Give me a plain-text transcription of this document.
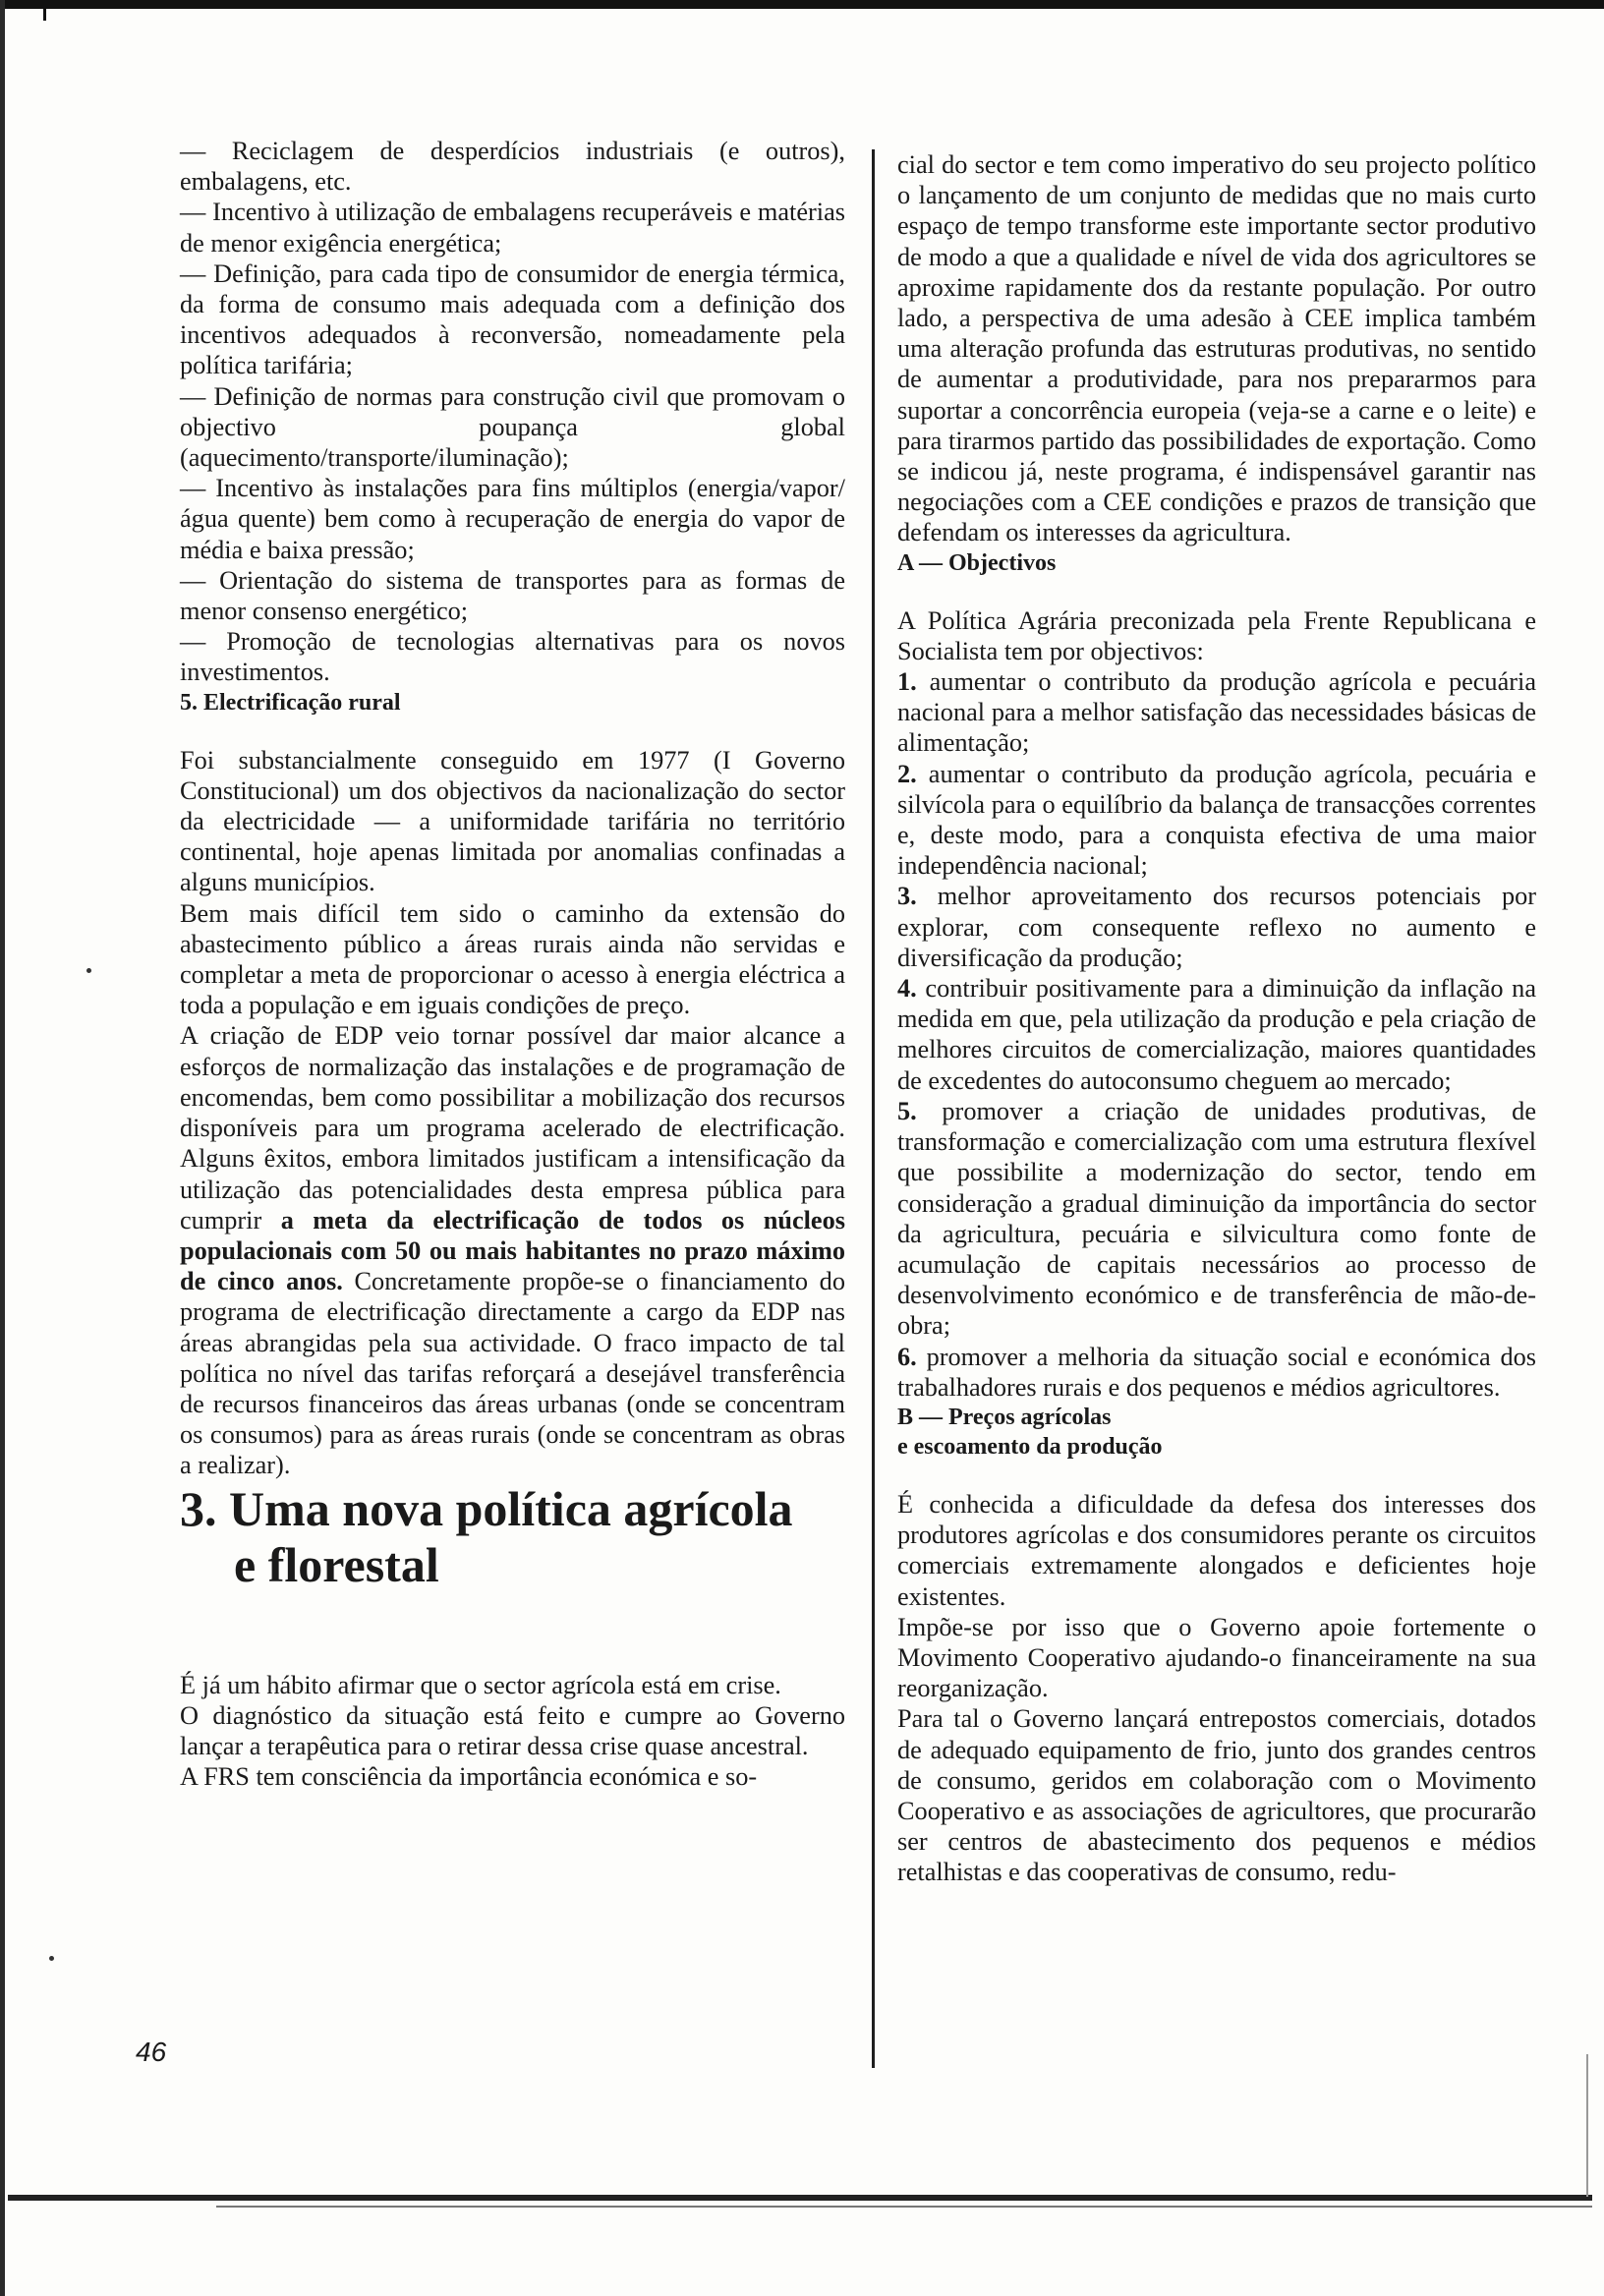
— Reciclagem de desperdícios industriais (e outros), embalagens, etc.

— Incentivo à utilização de embalagens recuperáveis e matérias de menor exigência energética;

— Definição, para cada tipo de consumidor de energia térmica, da forma de consumo mais adequada com a definição dos incentivos adequados à reconversão, nomeadamente pela política tarifária;

— Definição de normas para construção civil que promovam o objectivo poupança global (aquecimento/transporte/iluminação);

— Incentivo às instalações para fins múltiplos (energia/vapor/água quente) bem como à recuperação de energia do vapor de média e baixa pressão;

— Orientação do sistema de transportes para as formas de menor consenso energético;

— Promoção de tecnologias alternativas para os novos investimentos.

5. Electrificação rural

Foi substancialmente conseguido em 1977 (I Governo Constitucional) um dos objectivos da nacionalização do sector da electricidade — a uniformidade tarifária no território continental, hoje apenas limitada por anomalias confinadas a alguns municípios.

Bem mais difícil tem sido o caminho da extensão do abastecimento público a áreas rurais ainda não servidas e completar a meta de proporcionar o acesso à energia eléctrica a toda a população e em iguais condições de preço.

A criação de EDP veio tornar possível dar maior alcance a esforços de normalização das instalações e de programação de encomendas, bem como possibilitar a mobilização dos recursos disponíveis para um programa acelerado de electrificação. Alguns êxitos, embora limitados justificam a intensificação da utilização das potencialidades desta empresa pública para cumprir a meta da electrificação de todos os núcleos populacionais com 50 ou mais habitantes no prazo máximo de cinco anos. Concretamente propõe-se o financiamento do programa de electrificação directamente a cargo da EDP nas áreas abrangidas pela sua actividade. O fraco impacto de tal política no nível das tarifas reforçará a desejável transferência de recursos financeiros das áreas urbanas (onde se concentram os consumos) para as áreas rurais (onde se concentram as obras a realizar).

3. Uma nova política agrícola
e florestal

É já um hábito afirmar que o sector agrícola está em crise.

O diagnóstico da situação está feito e cumpre ao Governo lançar a terapêutica para o retirar dessa crise quase ancestral.

A FRS tem consciência da importância económica e so-

cial do sector e tem como imperativo do seu projecto político o lançamento de um conjunto de medidas que no mais curto espaço de tempo transforme este importante sector produtivo de modo a que a qualidade e nível de vida dos agricultores se aproxime rapidamente dos da restante população. Por outro lado, a perspectiva de uma adesão à CEE implica também uma alteração profunda das estruturas produtivas, no sentido de aumentar a produtividade, para nos prepararmos para suportar a concorrência europeia (veja-se a carne e o leite) e para tirarmos partido das possibilidades de exportação. Como se indicou já, neste programa, é indispensável garantir nas negociações com a CEE condições e prazos de transição que defendam os interesses da agricultura.

A — Objectivos

A Política Agrária preconizada pela Frente Republicana e Socialista tem por objectivos:

1. aumentar o contributo da produção agrícola e pecuária nacional para a melhor satisfação das necessidades básicas de alimentação;

2. aumentar o contributo da produção agrícola, pecuária e silvícola para o equilíbrio da balança de transacções correntes e, deste modo, para a conquista efectiva de uma maior independência nacional;

3. melhor aproveitamento dos recursos potenciais por explorar, com consequente reflexo no aumento e diversificação da produção;

4. contribuir positivamente para a diminuição da inflação na medida em que, pela utilização da produção e pela criação de melhores circuitos de comercialização, maiores quantidades de excedentes do autoconsumo cheguem ao mercado;

5. promover a criação de unidades produtivas, de transformação e comercialização com uma estrutura flexível que possibilite a modernização do sector, tendo em consideração a gradual diminuição da importância do sector da agricultura, pecuária e silvicultura como fonte de acumulação de capitais necessários ao processo de desenvolvimento económico e de transferência de mão-de-obra;

6. promover a melhoria da situação social e económica dos trabalhadores rurais e dos pequenos e médios agricultores.

B — Preços agrícolas
e escoamento da produção

É conhecida a dificuldade da defesa dos interesses dos produtores agrícolas e dos consumidores perante os circuitos comerciais extremamente alongados e deficientes hoje existentes.

Impõe-se por isso que o Governo apoie fortemente o Movimento Cooperativo ajudando-o financeiramente na sua reorganização.

Para tal o Governo lançará entrepostos comerciais, dotados de adequado equipamento de frio, junto dos grandes centros de consumo, geridos em colaboração com o Movimento Cooperativo e as associações de agricultores, que procurarão ser centros de abastecimento dos pequenos e médios retalhistas e das cooperativas de consumo, redu-

46
